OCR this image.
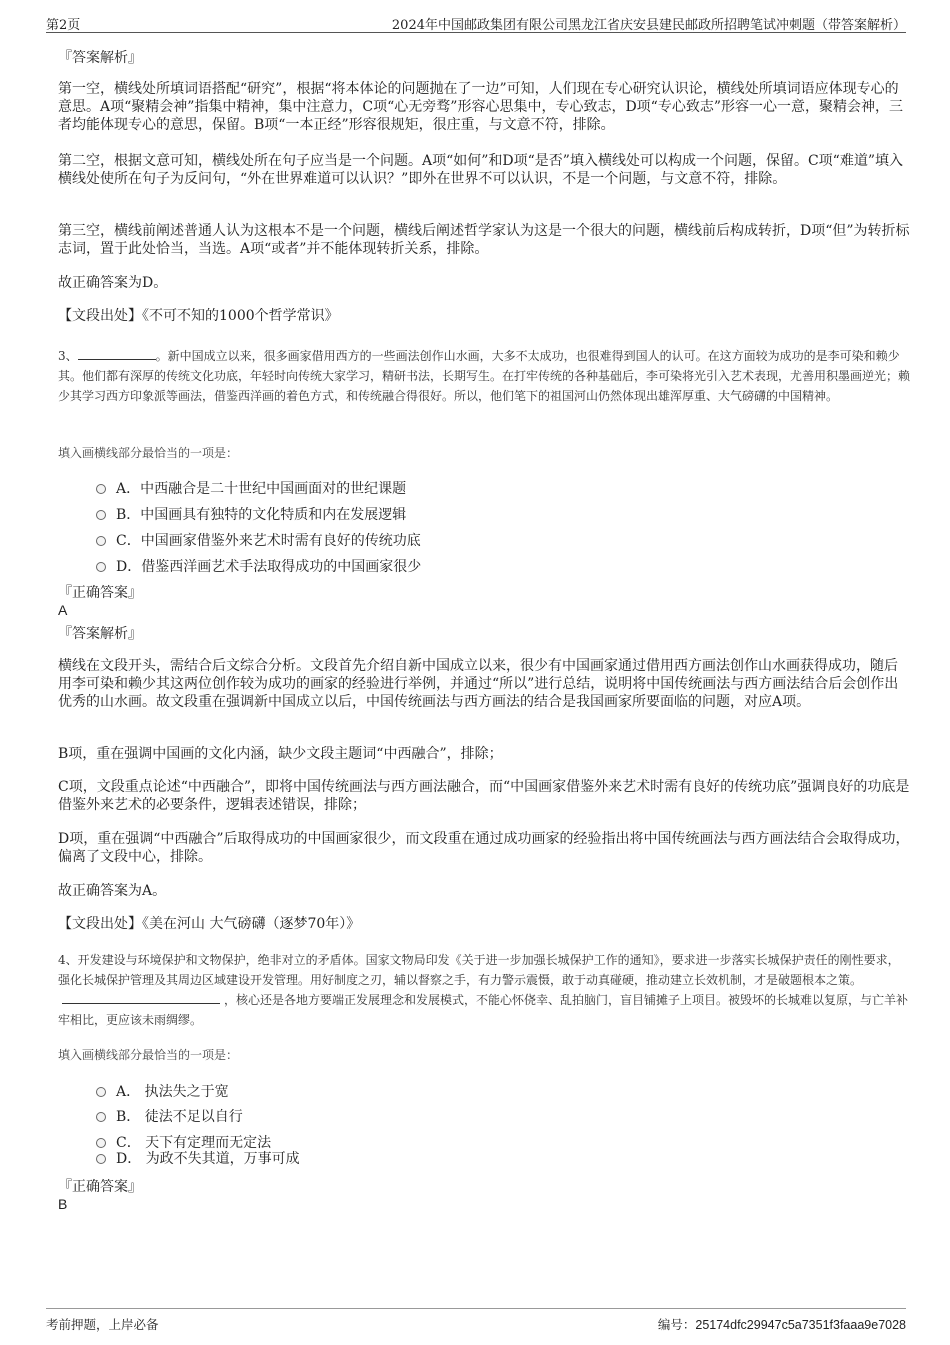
第2页	2024年中国邮政集团有限公司黑龙江省庆安县建民邮政所招聘笔试冲刺题（带答案解析）
『答案解析』
第一空，横线处所填词语搭配“研究”，根据“将本体论的问题抛在了一边”可知，人们现在专心研究认识论，横线处所填词语应体现专心的意思。A项“聚精会神”指集中精神，集中注意力，C项“心无旁骛”形容心思集中，专心致志，D项“专心致志”形容一心一意，聚精会神，三者均能体现专心的意思，保留。B项“一本正经”形容很规矩，很庄重，与文意不符，排除。
第二空，根据文意可知，横线处所在句子应当是一个问题。A项“如何”和D项“是否”填入横线处可以构成一个问题，保留。C项“难道”填入横线处使所在句子为反问句，“外在世界难道可以认识？”即外在世界不可以认识，不是一个问题，与文意不符，排除。
第三空，横线前阐述普通人认为这根本不是一个问题，横线后阐述哲学家认为这是一个很大的问题，横线前后构成转折，D项“但”为转折标志词，置于此处恰当，当选。A项“或者”并不能体现转折关系，排除。
故正确答案为D。
【文段出处】《不可不知的1000个哲学常识》
3、	。新中国成立以来，很多画家借用西方的一些画法创作山水画，大多不太成功，也很难得到国人的认可。在这方面较为成功的是李可染和赖少其。他们都有深厚的传统文化功底，年轻时向传统大家学习，精研书法，长期写生。在打牢传统的各种基础后，李可染将光引入艺术表现，尤善用积墨画逆光；赖少其学习西方印象派等画法，借鉴西洋画的着色方式，和传统融合得很好。所以，他们笔下的祖国河山仍然体现出雄浑厚重、大气磅礴的中国精神。
填入画横线部分最恰当的一项是：
A．中西融合是二十世纪中国画面对的世纪课题
B．中国画具有独特的文化特质和内在发展逻辑
C．中国画家借鉴外来艺术时需有良好的传统功底
D．借鉴西洋画艺术手法取得成功的中国画家很少
『正确答案』
A
『答案解析』
横线在文段开头，需结合后文综合分析。文段首先介绍自新中国成立以来，很少有中国画家通过借用西方画法创作山水画获得成功，随后用李可染和赖少其这两位创作较为成功的画家的经验进行举例，并通过“所以”进行总结，说明将中国传统画法与西方画法结合后会创作出优秀的山水画。故文段重在强调新中国成立以后，中国传统画法与西方画法的结合是我国画家所要面临的问题，对应A项。
B项，重在强调中国画的文化内涵，缺少文段主题词“中西融合”，排除；
C项，文段重点论述“中西融合”，即将中国传统画法与西方画法融合，而“中国画家借鉴外来艺术时需有良好的传统功底”强调良好的功底是借鉴外来艺术的必要条件，逻辑表述错误，排除；
D项，重在强调“中西融合”后取得成功的中国画家很少，而文段重在通过成功画家的经验指出将中国传统画法与西方画法结合会取得成功，偏离了文段中心，排除。
故正确答案为A。
【文段出处】《美在河山 大气磅礴（逐梦70年）》
4、开发建设与环境保护和文物保护，绝非对立的矛盾体。国家文物局印发《关于进一步加强长城保护工作的通知》，要求进一步落实长城保护责任的刚性要求，强化长城保护管理及其周边区域建设开发管理。用好制度之刃，辅以督察之手，有力警示震慑，敢于动真碰硬，推动建立长效机制，才是破题根本之策。，核心还是各地方要端正发展理念和发展模式，不能心怀侥幸、乱拍脑门，盲目铺摊子上项目。被毁坏的长城难以复原，与亡羊补牢相比，更应该未雨绸缪。
填入画横线部分最恰当的一项是：
A． 执法失之于宽
B． 徒法不足以自行
C． 天下有定理而无定法
D． 为政不失其道，万事可成
『正确答案』
B
考前押题，上岸必备	编号：25174dfc29947c5a7351f3faaa9e7028
